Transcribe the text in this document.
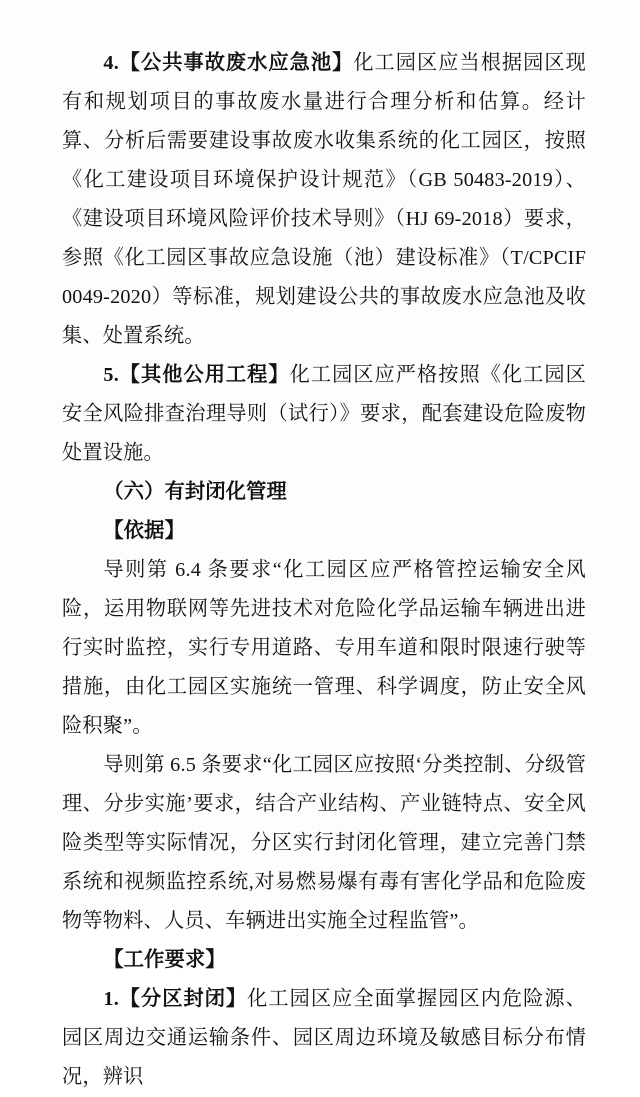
4.【公共事故废水应急池】化工园区应当根据园区现有和规划项目的事故废水量进行合理分析和估算。经计算、分析后需要建设事故废水收集系统的化工园区，按照《化工建设项目环境保护设计规范》（GB 50483-2019）、《建设项目环境风险评价技术导则》（HJ 69-2018）要求，参照《化工园区事故应急设施（池）建设标准》（T/CPCIF 0049-2020）等标准，规划建设公共的事故废水应急池及收集、处置系统。

5.【其他公用工程】化工园区应严格按照《化工园区安全风险排查治理导则（试行）》要求，配套建设危险废物处置设施。

（六）有封闭化管理

【依据】

导则第 6.4 条要求“化工园区应严格管控运输安全风险，运用物联网等先进技术对危险化学品运输车辆进出进行实时监控，实行专用道路、专用车道和限时限速行驶等措施，由化工园区实施统一管理、科学调度，防止安全风险积聚”。

导则第 6.5 条要求“化工园区应按照‘分类控制、分级管理、分步实施’要求，结合产业结构、产业链特点、安全风险类型等实际情况，分区实行封闭化管理，建立完善门禁系统和视频监控系统,对易燃易爆有毒有害化学品和危险废物等物料、人员、车辆进出实施全过程监管”。

【工作要求】

1.【分区封闭】化工园区应全面掌握园区内危险源、园区周边交通运输条件、园区周边环境及敏感目标分布情况，辨识
